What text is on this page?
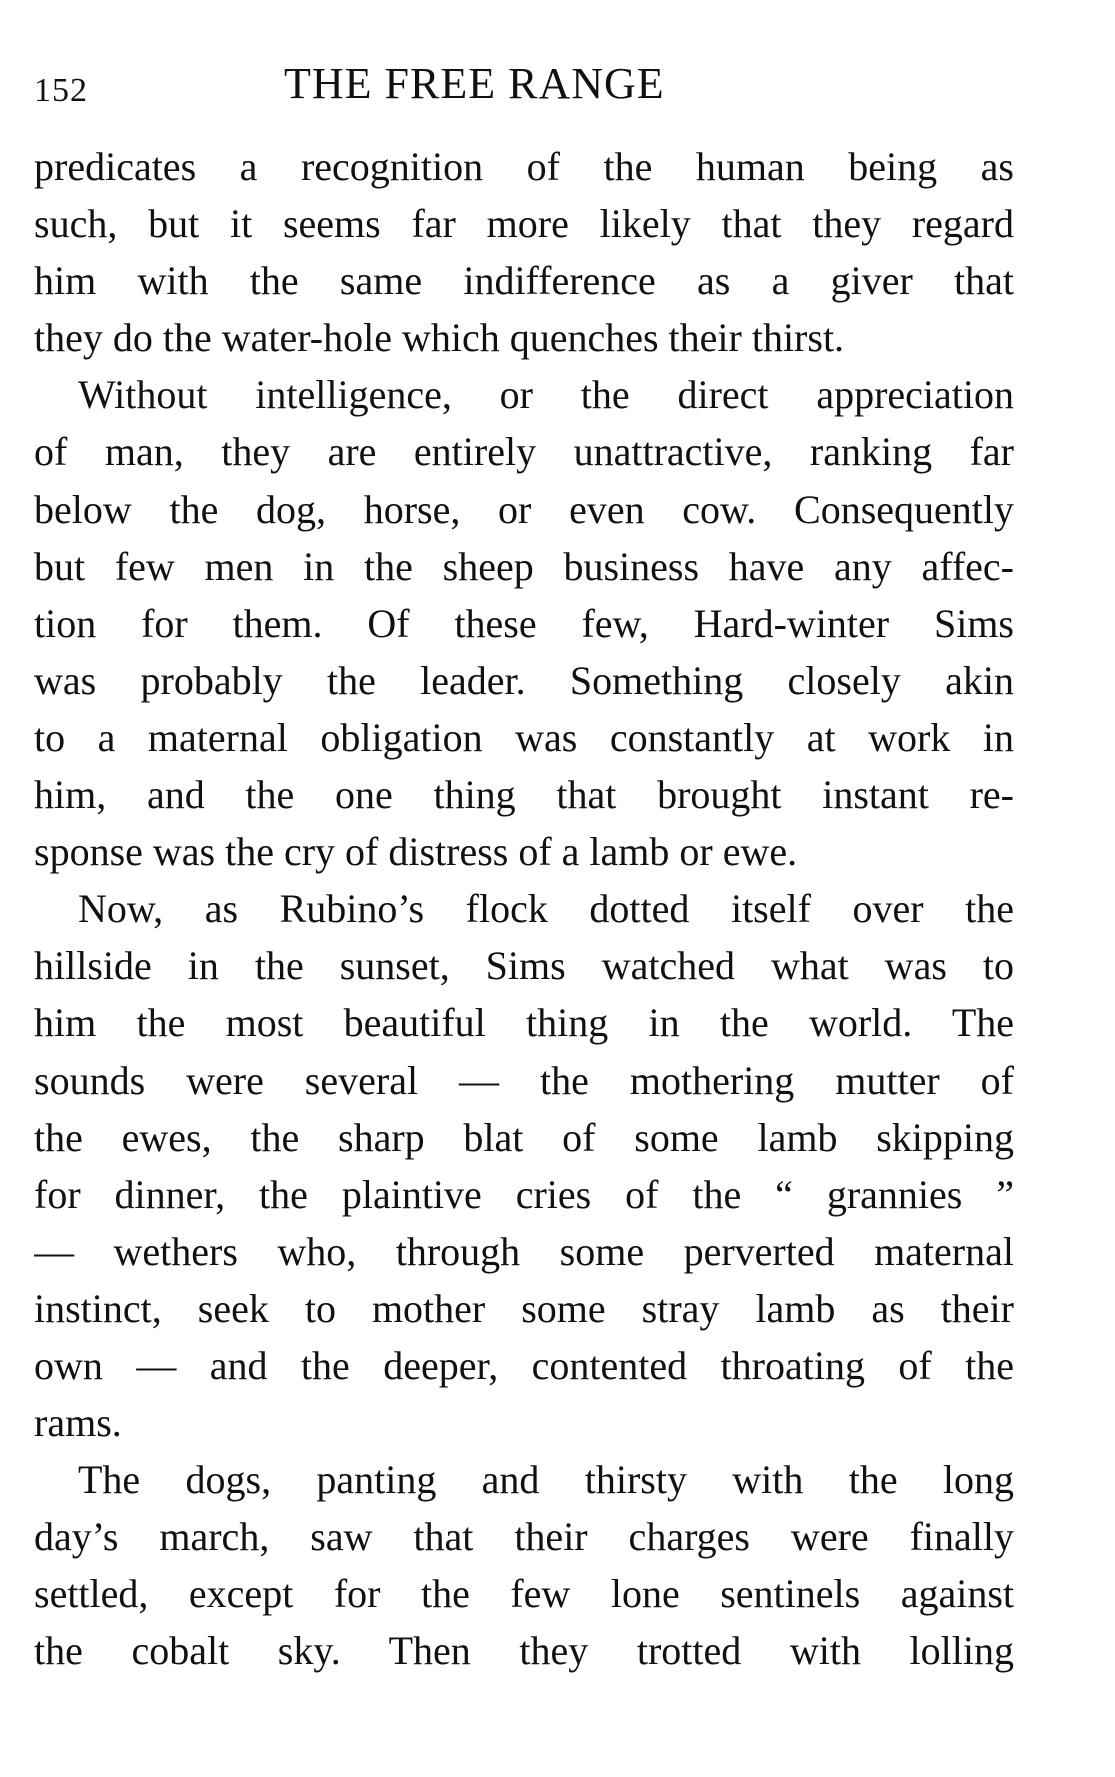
152	THE FREE RANGE
predicates a recognition of the human being as
such, but it seems far more likely that they regard
him with the same indifference as a giver that
they do the water-hole which quenches their thirst.
Without intelligence, or the direct appreciation
of man, they are entirely unattractive, ranking far
below the dog, horse, or even cow. Consequently
but few men in the sheep business have any affec-
tion for them. Of these few, Hard-winter Sims
was probably the leader. Something closely akin
to a maternal obligation was constantly at work in
him, and the one thing that brought instant re-
sponse was the cry of distress of a lamb or ewe.
Now, as Rubino’s flock dotted itself over the
hillside in the sunset, Sims watched what was to
him the most beautiful thing in the world. The
sounds were several — the mothering mutter of
the ewes, the sharp blat of some lamb skipping
for dinner, the plaintive cries of the “ grannies ”
— wethers who, through some perverted maternal
instinct, seek to mother some stray lamb as their
own — and the deeper, contented throating of the
rams.
The dogs, panting and thirsty with the long
day’s march, saw that their charges were finally
settled, except for the few lone sentinels against
the cobalt sky. Then they trotted with lolling
